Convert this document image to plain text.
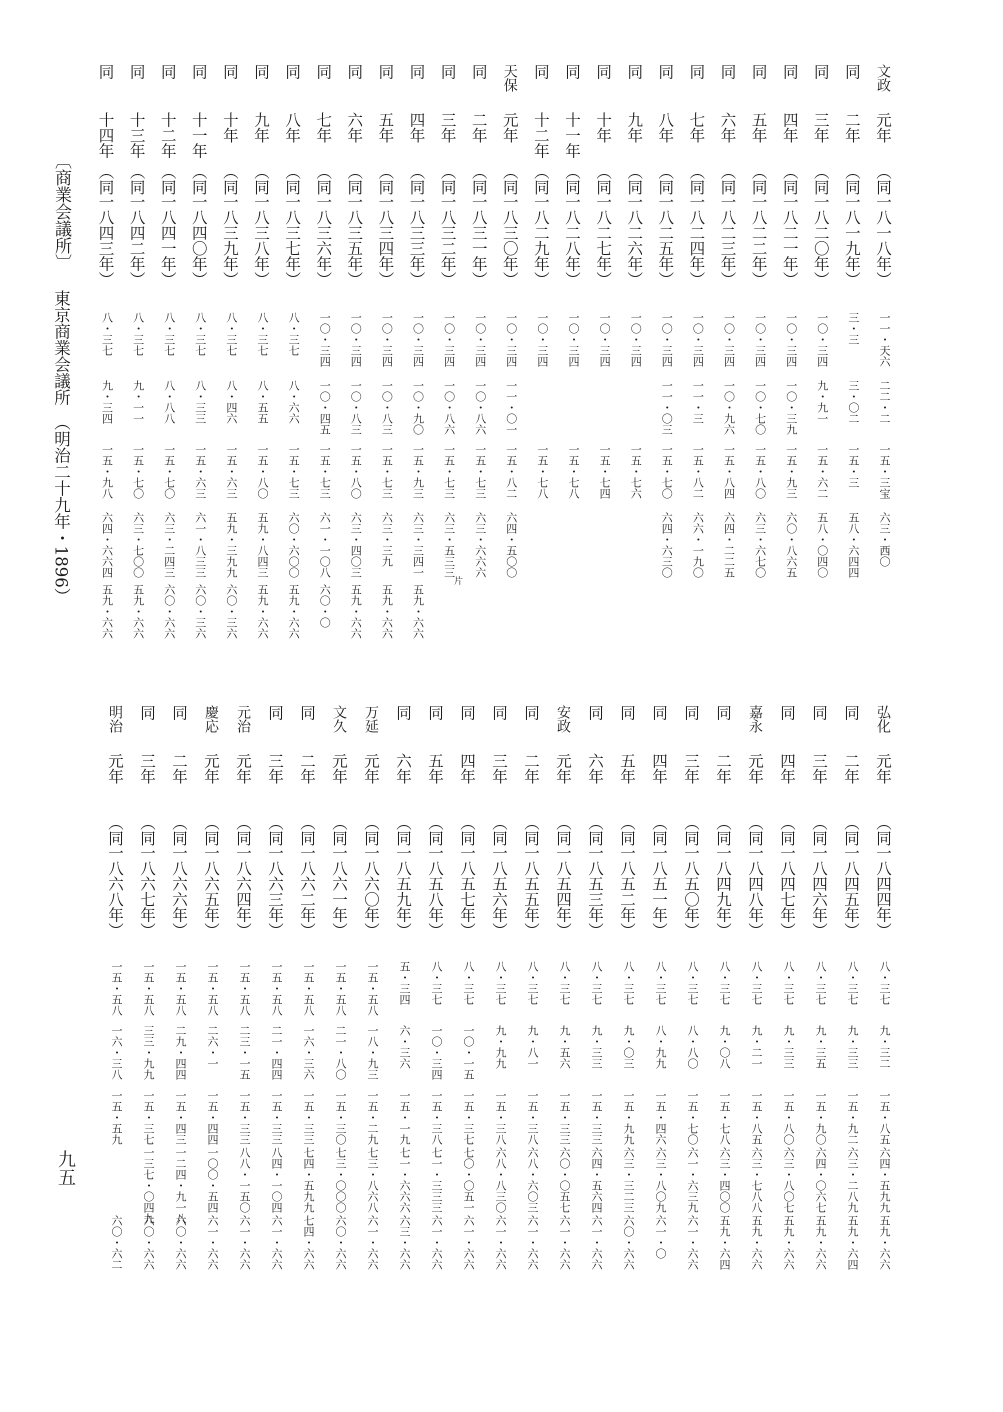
文政
元年
（同
一八一八年）
一一・天六
二二・二
一五・三宝
六三・西〇
同
二年
（同
一八一九年）
三・三
三・〇二
一五・三
五八・六四四
同
三年
（同
一八二〇年）
一〇・三四
九・九一
一五・六二
五八・〇四〇
同
四年
（同
一八二一年）
一〇・三四
一〇・三九
一五・九三
六〇・八六五
同
五年
（同
一八二二年）
一〇・三四
一〇・七〇
一五・八〇
六三・六七〇
同
六年
（同
一八二三年）
一〇・三四
一〇・九六
一五・八四
六四・二二五
同
七年
（同
一八二四年）
一〇・三四
一一・三
一五・八二
六六・一九〇
同
八年
（同
一八二五年）
一〇・三四
一一・〇三
一五・七〇
六四・六三〇
同
九年
（同
一八二六年）
一〇・三四
一五・七六
同
十年
（同
一八二七年）
一〇・三四
一五・七四
同
十一年
（同
一八二八年）
一〇・三四
一五・七八
同
十二年
（同
一八二九年）
一〇・三四
一五・七八
天保
元年
（同
一八三〇年）
一〇・三四
一一・〇一
一五・八二
六四・五〇〇
同
二年
（同
一八三一年）
一〇・三四
一〇・八六
一五・七三
六三・六六六
同
三年
（同
一八三二年）
一〇・三四
一〇・八六
一五・七三
六三・五三三
同
四年
（同
一八三三年）
一〇・三四
一〇・九〇
一五・九三
六三・三四一
五九・六六
同
五年
（同
一八三四年）
一〇・三四
一〇・八三
一五・七三
六三・三九
五九・六六
同
六年
（同
一八三五年）
一〇・三四
一〇・八三
一五・八〇
六三・四〇三
五九・六六
同
七年
（同
一八三六年）
一〇・三四
一〇・四五
一五・七三
六一・一〇八
六〇・〇
同
八年
（同
一八三七年）
八・三七
八・六六
一五・七三
六〇・六〇〇
五九・六六
同
九年
（同
一八三八年）
八・三七
八・五五
一五・八〇
五九・八四三
五九・六六
同
十年
（同
一八三九年）
八・三七
八・四六
一五・六三
五九・三九九
六〇・三六
同
十一年
（同
一八四〇年）
八・三七
八・三三
一五・六三
六一・八三三
六〇・三六
同
十二年
（同
一八四一年）
八・三七
八・八八
一五・七〇
六三・二四三
六〇・六六
同
十三年
（同
一八四二年）
八・三七
九・一一
一五・七〇
六三・七〇〇
五九・六六
同
十四年
（同
一八四三年）
八・三七
九・三四
一五・九八
六四・六六四
五九・六六
弘化
元年
（同
一八四四年）
八・三七
九・三二
一五・八五
六四・五九九
五九・六六
同
二年
（同
一八四五年）
八・三七
九・三三
一五・九二
六三・二八九
五九・六四
同
三年
（同
一八四六年）
八・三七
九・三五
一五・九〇
六四・〇六七
五九・六六
同
四年
（同
一八四七年）
八・三七
九・三三
一五・八〇
六三・八〇七
五九・六六
嘉永
元年
（同
一八四八年）
八・三七
九・二一
一五・八五
六三・七八八
五九・六六
同
二年
（同
一八四九年）
八・三七
九・〇八
一五・七八
六三・四〇〇
五九・六四
同
三年
（同
一八五〇年）
八・三七
八・八〇
一五・七〇
六一・六三九
六一・六六
同
四年
（同
一八五一年）
八・三七
八・九九
一五・四六
六三・八〇九
六一・〇
同
五年
（同
一八五二年）
八・三七
九・〇三
一五・九九
六三・三二三
六〇・六六
同
六年
（同
一八五三年）
八・三七
九・三三
一五・三三
六四・五六四
六一・六六
安政
元年
（同
一八五四年）
八・三七
九・五六
一五・三三
六〇・〇五七
六一・六六
同
二年
（同
一八五五年）
八・三七
九・八一
一五・三八
六八・六〇三
六一・六六
同
三年
（同
一八五六年）
八・三七
九・九九
一五・三八
六八・八三〇
六一・六六
同
四年
（同
一八五七年）
八・三七
一〇・一五
一五・三七
七〇・〇五一
六一・六六
同
五年
（同
一八五八年）
八・三七
一〇・三四
一五・三八
七一・三三三
六一・六六
同
六年
（同
一八五九年）
五・三四
六・三六
一五・一九
七一・六六六
六三・六六
万延
元年
（同
一八六〇年）
一五・五八
一八・九三
一五・二九
七三・八六八
六一・六六
文久
元年
（同
一八六一年）
一五・五八
二一・八〇
一五・三〇
七三・〇〇〇
六〇・六六
同
二年
（同
一八六二年）
一五・五八
一六・三六
一五・三三
七四・五九九
七四・六六
同
三年
（同
一八六三年）
一五・五八
二一・四四
一五・三三
八四・一〇四
六一・六六
元治
元年
（同
一八六四年）
一五・五八
二三・一五
一五・三三
八八・一五〇
六一・六六
慶応
元年
（同
一八六五年）
一五・五八
二六・一
一五・四四
一〇〇・五四
六一・六六
同
二年
（同
一八六六年）
一五・五八
二九・四四
一五・四三
一二四・九一八
六〇・六六
同
三年
（同
一八六七年）
一五・五八
三三・九九
一五・三七
一三七・〇四九
六〇・六六
明治
元年
（同
一八六八年）
一五・五八
一六・三八
一五・五九
六〇・六二
〔商業会議所〕
東京商業会議所　（明治二十九年・1896）
九五
片
